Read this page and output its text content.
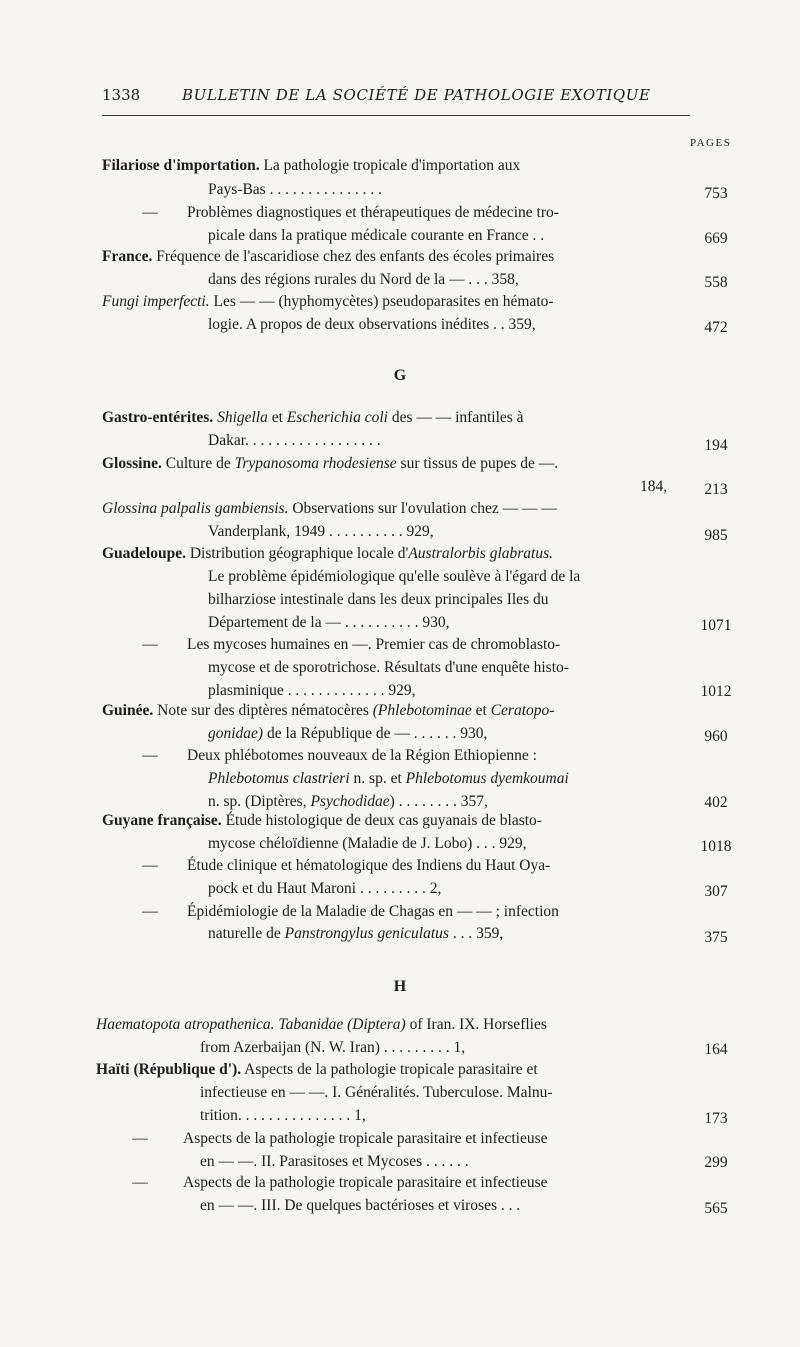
1338	BULLETIN DE LA SOCIÉTÉ DE PATHOLOGIE EXOTIQUE
PAGES
Filariose d'importation. La pathologie tropicale d'importation aux
Pays-Bas . . . . . . . . . . . . . . .	753
—	Problèmes diagnostiques et thérapeutiques de médecine tro-
picale dans la pratique médicale courante en France . .	669
France. Fréquence de l'ascaridiose chez des enfants des écoles primaires
dans des régions rurales du Nord de la — . . . 358,	558
Fungi imperfecti. Les — — (hyphomycètes) pseudoparasites en hémato-
logie. A propos de deux observations inédites . . 359,	472
G
Gastro-entérites. Shigella et Escherichia coli des — — infantiles à
Dakar. . . . . . . . . . . . . . . . . .	194
Glossine. Culture de Trypanosoma rhodesiense sur tissus de pupes de —.
184,	213
Glossina palpalis gambiensis. Observations sur l'ovulation chez — — —
Vanderplank, 1949 . . . . . . . . . . 929,	985
Guadeloupe. Distribution géographique locale d'Australorbis glabratus.
Le problème épidémiologique qu'elle soulève à l'égard de la
bilharziose intestinale dans les deux principales Iles du
Département de la — . . . . . . . . . . 930,	1071
—	Les mycoses humaines en —. Premier cas de chromoblasto-
mycose et de sporotrichose. Résultats d'une enquête histo-
plasminique . . . . . . . . . . . . . 929,	1012
Guinée. Note sur des diptères nématocères (Phlebotominae et Ceratopo-
gonidae) de la République de — . . . . . . 930,	960
—	Deux phlébotomes nouveaux de la Région Ethiopienne :
Phlebotomus clastrieri n. sp. et Phlebotomus dyemkoumai
n. sp. (Diptères, Psychodidae) . . . . . . . . 357,	402
Guyane française. Étude histologique de deux cas guyanais de blasto-
mycose chéloïdienne (Maladie de J. Lobo) . . . 929,	1018
—	Étude clinique et hématologique des Indiens du Haut Oya-
pock et du Haut Maroni . . . . . . . . . 2,	307
—	Épidémiologie de la Maladie de Chagas en — — ; infection
naturelle de Panstrongylus geniculatus . . . 359,	375
H
Haematopota atropathenica. Tabanidae (Diptera) of Iran. IX. Horseflies
from Azerbaijan (N. W. Iran) . . . . . . . . . 1,	164
Haïti (République d'). Aspects de la pathologie tropicale parasitaire et
infectieuse en — —. I. Généralités. Tuberculose. Malnu-
trition. . . . . . . . . . . . . . . 1,	173
—	Aspects de la pathologie tropicale parasitaire et infectieuse
en — —. II. Parasitoses et Mycoses . . . . . .	299
—	Aspects de la pathologie tropicale parasitaire et infectieuse
en — —. III. De quelques bactérioses et viroses . . .	565
